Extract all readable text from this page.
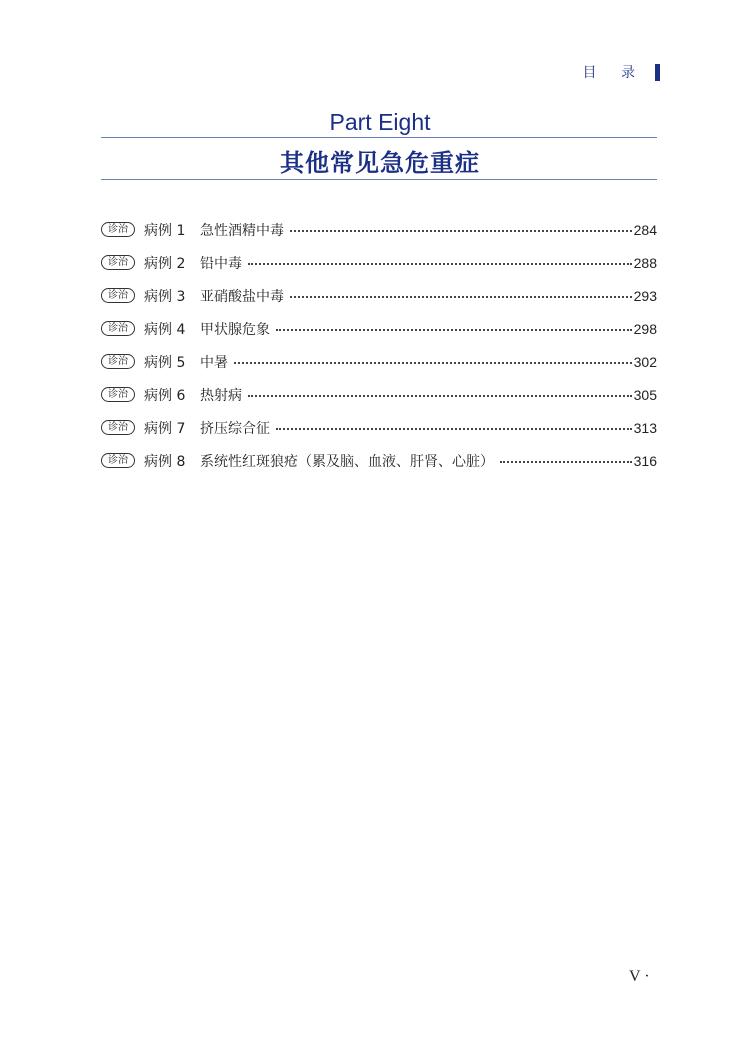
目 录
Part Eight
其他常见急危重症
诊治	病例 1	急性酒精中毒	284
诊治	病例 2	铅中毒	288
诊治	病例 3	亚硝酸盐中毒	293
诊治	病例 4	甲状腺危象	298
诊治	病例 5	中暑	302
诊治	病例 6	热射病	305
诊治	病例 7	挤压综合征	313
诊治	病例 8	系统性红斑狼疮（累及脑、血液、肝肾、心脏）	316
V ·
